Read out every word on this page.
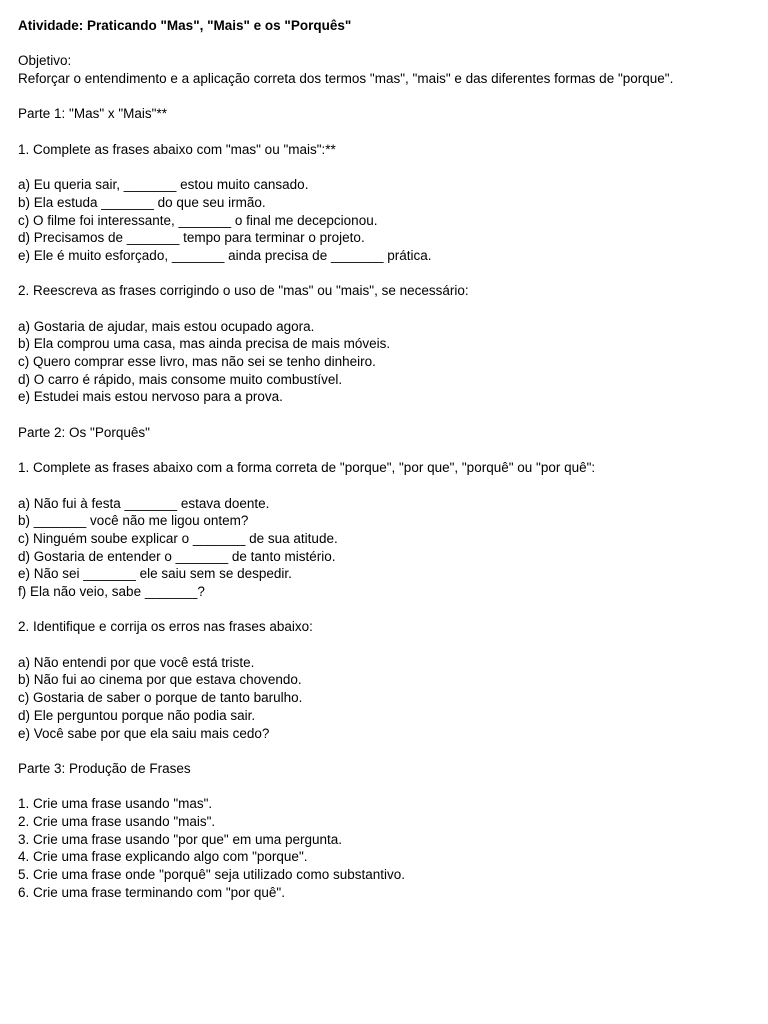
Atividade: Praticando "Mas", "Mais" e os "Porquês"
Objetivo:
Reforçar o entendimento e a aplicação correta dos termos "mas", "mais" e das diferentes formas de "porque".
Parte 1: "Mas" x "Mais"**
1. Complete as frases abaixo com "mas" ou "mais":**
a) Eu queria sair, _______ estou muito cansado.
b) Ela estuda _______ do que seu irmão.
c) O filme foi interessante, _______ o final me decepcionou.
d) Precisamos de _______ tempo para terminar o projeto.
e) Ele é muito esforçado, _______ ainda precisa de _______ prática.
2. Reescreva as frases corrigindo o uso de "mas" ou "mais", se necessário:
a) Gostaria de ajudar, mais estou ocupado agora.
b) Ela comprou uma casa, mas ainda precisa de mais móveis.
c) Quero comprar esse livro, mas não sei se tenho dinheiro.
d) O carro é rápido, mais consome muito combustível.
e) Estudei mais estou nervoso para a prova.
Parte 2: Os "Porquês"
1. Complete as frases abaixo com a forma correta de "porque", "por que", "porquê" ou "por quê":
a) Não fui à festa _______ estava doente.
b) _______ você não me ligou ontem?
c) Ninguém soube explicar o _______ de sua atitude.
d) Gostaria de entender o _______ de tanto mistério.
e) Não sei _______ ele saiu sem se despedir.
f) Ela não veio, sabe _______?
2. Identifique e corrija os erros nas frases abaixo:
a) Não entendi por que você está triste.
b) Não fui ao cinema por que estava chovendo.
c) Gostaria de saber o porque de tanto barulho.
d) Ele perguntou porque não podia sair.
e) Você sabe por que ela saiu mais cedo?
Parte 3: Produção de Frases
1. Crie uma frase usando "mas".
2. Crie uma frase usando "mais".
3. Crie uma frase usando "por que" em uma pergunta.
4. Crie uma frase explicando algo com "porque".
5. Crie uma frase onde "porquê" seja utilizado como substantivo.
6. Crie uma frase terminando com "por quê".
